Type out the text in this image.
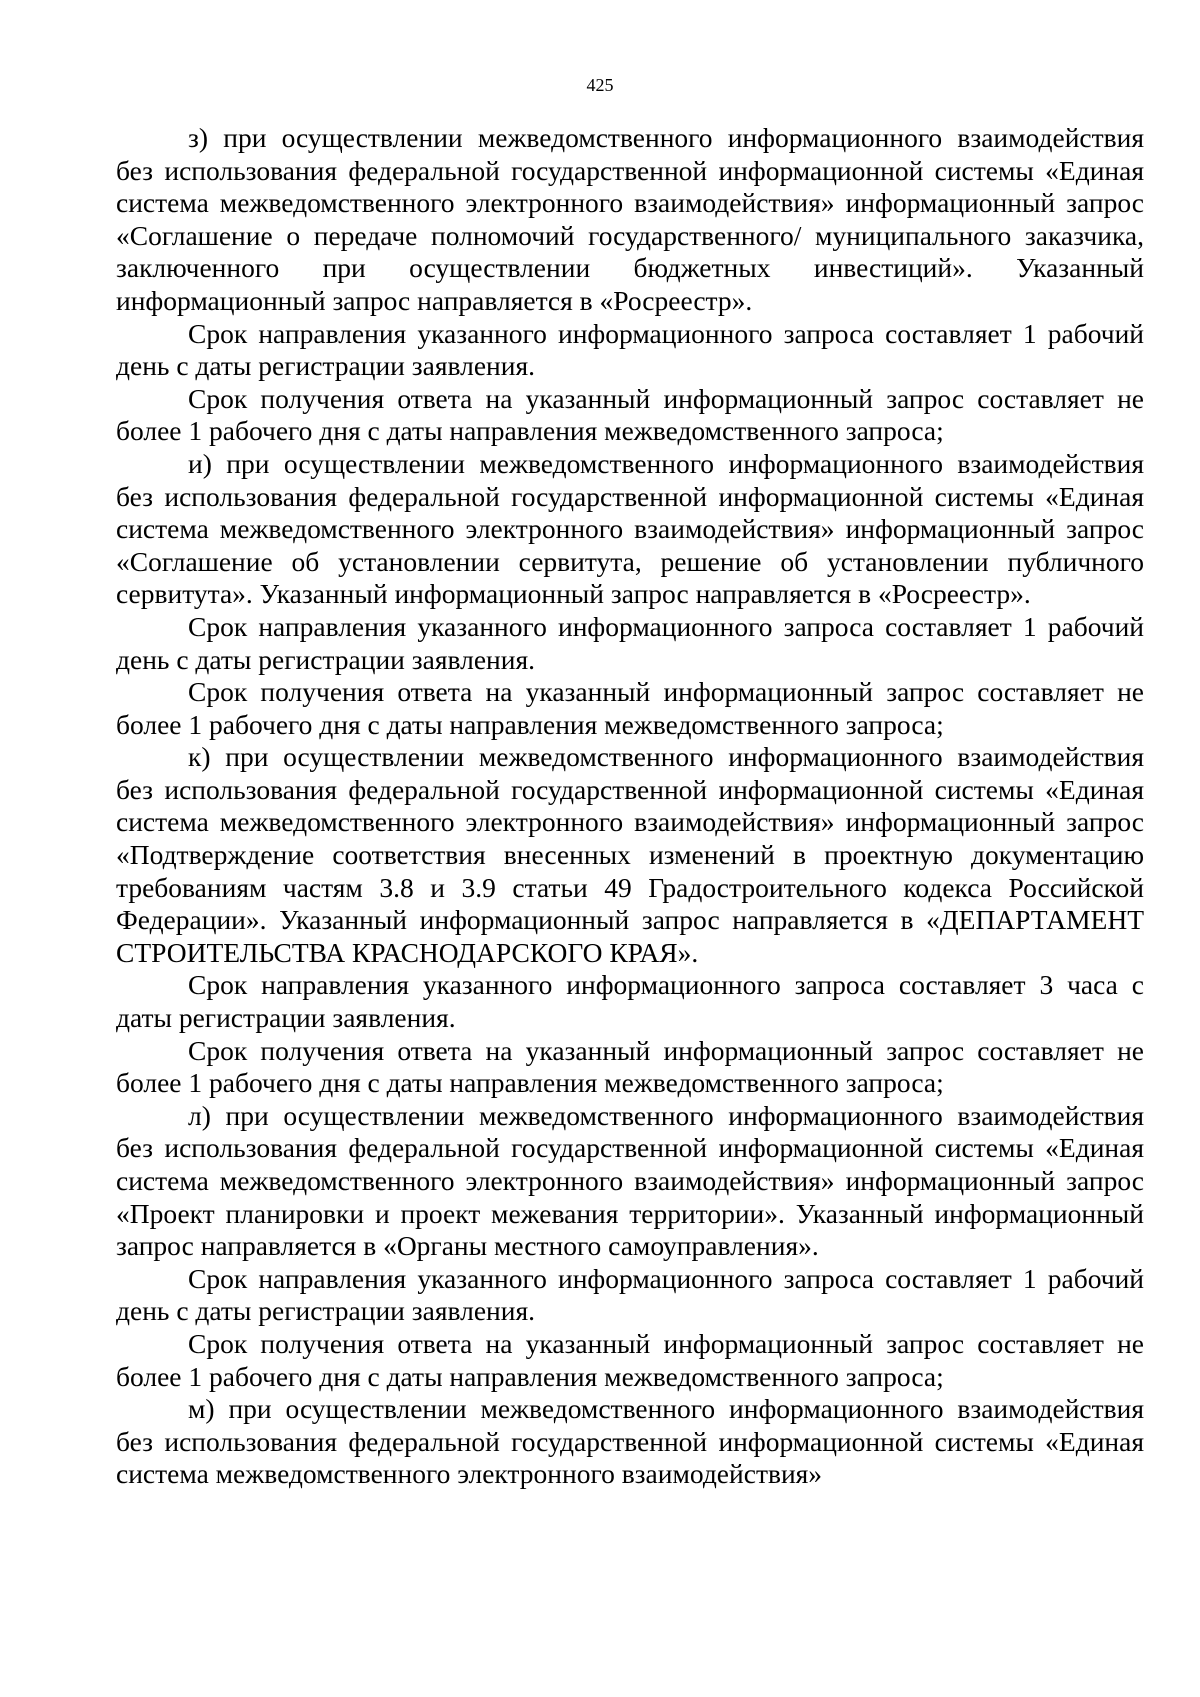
425

з) при осуществлении межведомственного информационного взаимодействия без использования федеральной государственной информационной системы «Единая система межведомственного электронного взаимодействия» информационный запрос «Соглашение о передаче полномочий государственного/ муниципального заказчика, заключенного при осуществлении бюджетных инвестиций». Указанный информационный запрос направляется в «Росреестр».

Срок направления указанного информационного запроса составляет 1 рабочий день с даты регистрации заявления.

Срок получения ответа на указанный информационный запрос составляет не более 1 рабочего дня с даты направления межведомственного запроса;

и) при осуществлении межведомственного информационного взаимодействия без использования федеральной государственной информационной системы «Единая система межведомственного электронного взаимодействия» информационный запрос «Соглашение об установлении сервитута, решение об установлении публичного сервитута». Указанный информационный запрос направляется в «Росреестр».

Срок направления указанного информационного запроса составляет 1 рабочий день с даты регистрации заявления.

Срок получения ответа на указанный информационный запрос составляет не более 1 рабочего дня с даты направления межведомственного запроса;

к) при осуществлении межведомственного информационного взаимодействия без использования федеральной государственной информационной системы «Единая система межведомственного электронного взаимодействия» информационный запрос «Подтверждение соответствия внесенных изменений в проектную документацию требованиям частям 3.8 и 3.9 статьи 49 Градостроительного кодекса Российской Федерации». Указанный информационный запрос направляется в «ДЕПАРТАМЕНТ СТРОИТЕЛЬСТВА КРАСНОДАРСКОГО КРАЯ».

Срок направления указанного информационного запроса составляет 3 часа с даты регистрации заявления.

Срок получения ответа на указанный информационный запрос составляет не более 1 рабочего дня с даты направления межведомственного запроса;

л) при осуществлении межведомственного информационного взаимодействия без использования федеральной государственной информационной системы «Единая система межведомственного электронного взаимодействия» информационный запрос «Проект планировки и проект межевания территории». Указанный информационный запрос направляется в «Органы местного самоуправления».

Срок направления указанного информационного запроса составляет 1 рабочий день с даты регистрации заявления.

Срок получения ответа на указанный информационный запрос составляет не более 1 рабочего дня с даты направления межведомственного запроса;

м) при осуществлении межведомственного информационного взаимодействия без использования федеральной государственной информационной системы «Единая система межведомственного электронного взаимодействия»
